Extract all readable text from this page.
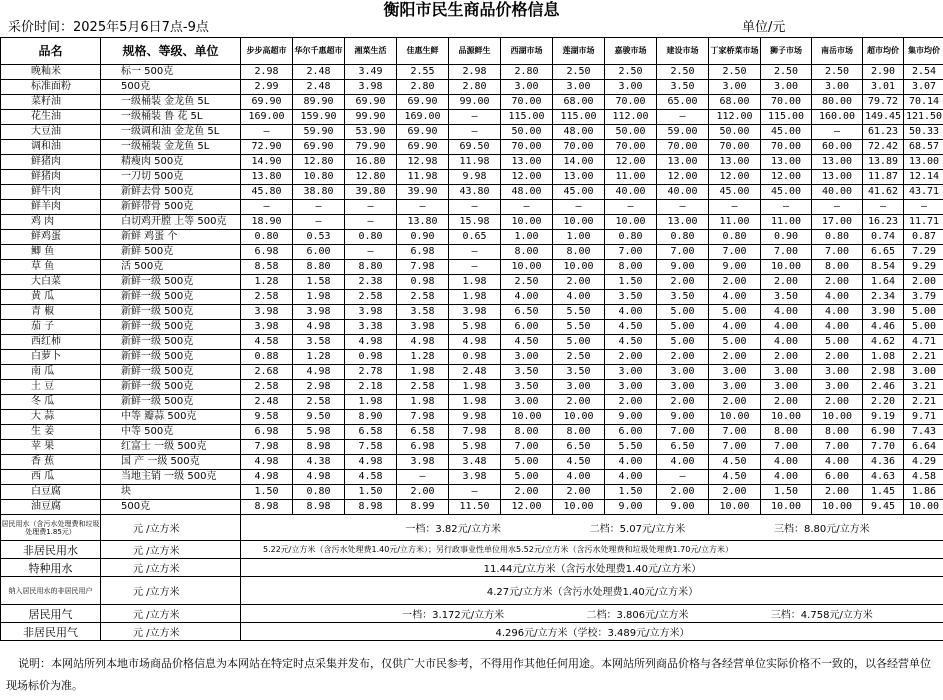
衡阳市民生商品价格信息
采价时间：2025年5月6日7点-9点	单位/元
品名	规格、等级、单位	步步高超市	华尔千惠超市	湘菜生活	佳惠生鲜	品源鲜生	西湖市场	莲湖市场	嘉骏市场	建设市场	丁家桥菜市场	狮子市场	南岳市场	超市均价	集市均价
晚籼米	标一 500克	2.98	2.48	3.49	2.55	2.98	2.80	2.50	2.50	2.50	2.50	2.50	2.50	2.90	2.54
标准面粉	500克	2.99	2.48	3.98	2.80	2.80	3.00	3.00	3.00	3.50	3.00	3.00	3.00	3.01	3.07
菜籽油	一级桶装 金龙鱼 5L	69.90	89.90	69.90	69.90	99.00	70.00	68.00	70.00	65.00	68.00	70.00	80.00	79.72	70.14
花生油	一级桶装 鲁 花 5L	169.00	159.90	99.90	169.00	—	115.00	115.00	112.00	—	112.00	115.00	160.00	149.45	121.50
大豆油	一级调和油 金龙鱼 5L	—	59.90	53.90	69.90	—	50.00	48.00	50.00	59.00	50.00	45.00	—	61.23	50.33
调和油	一级桶装 金龙鱼 5L	72.90	69.90	79.90	69.90	69.50	70.00	70.00	70.00	70.00	70.00	70.00	60.00	72.42	68.57
鲜猪肉	精瘦肉 500克	14.90	12.80	16.80	12.98	11.98	13.00	14.00	12.00	13.00	13.00	13.00	13.00	13.89	13.00
鲜猪肉	一刀切 500克	13.80	10.80	12.80	11.98	9.98	12.00	13.00	11.00	12.00	12.00	12.00	13.00	11.87	12.14
鲜牛肉	新鲜去骨 500克	45.80	38.80	39.80	39.90	43.80	48.00	45.00	40.00	40.00	45.00	45.00	40.00	41.62	43.71
鲜羊肉	新鲜带骨 500克	—	—	—	—	—	—	—	—	—	—	—	—	—	—
鸡 肉	白切鸡开膛 上等 500克	18.90	—	—	13.80	15.98	10.00	10.00	10.00	13.00	11.00	11.00	17.00	16.23	11.71
鲜鸡蛋	新鲜 鸡蛋 个	0.80	0.53	0.80	0.90	0.65	1.00	1.00	0.80	0.80	0.80	0.90	0.80	0.74	0.87
鲫 鱼	新鲜 500克	6.98	6.00	—	6.98	—	8.00	8.00	7.00	7.00	7.00	7.00	7.00	6.65	7.29
草 鱼	活 500克	8.58	8.80	8.80	7.98	—	10.00	10.00	8.00	9.00	9.00	10.00	8.00	8.54	9.29
大白菜	新鲜一级 500克	1.28	1.58	2.38	0.98	1.98	2.50	2.00	1.50	2.00	2.00	2.00	2.00	1.64	2.00
黄 瓜	新鲜一级 500克	2.58	1.98	2.58	2.58	1.98	4.00	4.00	3.50	3.50	4.00	3.50	4.00	2.34	3.79
青 椒	新鲜一级 500克	3.98	3.98	3.98	3.58	3.98	6.50	5.50	4.00	5.00	5.00	4.00	4.00	3.90	5.00
茄 子	新鲜一级 500克	3.98	4.98	3.38	3.98	5.98	6.00	5.50	4.50	5.00	4.00	4.00	4.00	4.46	5.00
西红柿	新鲜一级 500克	4.58	3.58	4.98	4.98	4.98	4.50	5.00	4.50	5.00	5.00	4.00	5.00	4.62	4.71
白萝卜	新鲜一级 500克	0.88	1.28	0.98	1.28	0.98	3.00	2.50	2.00	2.00	2.00	2.00	2.00	1.08	2.21
南 瓜	新鲜一级 500克	2.68	4.98	2.78	1.98	2.48	3.50	3.50	3.00	3.00	3.00	3.00	3.00	2.98	3.00
土 豆	新鲜一级 500克	2.58	2.98	2.18	2.58	1.98	3.50	3.00	3.00	3.00	3.00	3.00	3.00	2.46	3.21
冬 瓜	新鲜一级 500克	2.48	2.58	1.98	1.98	1.98	3.00	2.00	2.00	2.00	2.00	2.00	2.00	2.20	2.21
大 蒜	中等 瓣蒜 500克	9.58	9.50	8.90	7.98	9.98	10.00	10.00	9.00	9.00	10.00	10.00	10.00	9.19	9.71
生 姜	中等 500克	6.98	5.98	6.58	6.58	7.98	8.00	8.00	6.00	7.00	7.00	8.00	8.00	6.90	7.43
苹 果	红富士 一级 500克	7.98	8.98	7.58	6.98	5.98	7.00	6.50	5.50	6.50	7.00	7.00	7.00	7.70	6.64
香 蕉	国 产 一级 500克	4.98	4.38	4.98	3.98	3.48	5.00	4.50	4.00	4.00	4.50	4.00	4.00	4.36	4.29
西 瓜	当地主销 一级 500克	4.98	4.98	4.58	—	3.98	5.00	4.00	4.00	—	4.50	4.00	6.00	4.63	4.58
白豆腐	块	1.50	0.80	1.50	2.00	—	2.00	2.00	1.50	2.00	2.00	1.50	2.00	1.45	1.86
油豆腐	500克	8.98	8.98	8.98	8.99	11.50	12.00	10.00	9.00	9.00	10.00	10.00	10.00	9.45	10.00
居民用水（含污水处理费和垃圾处理费1.85元）	元 /立方米	一档：3.82元/立方米 二档：5.07元/立方米 三档：8.80元/立方米													

非居民用水	元 /立方米	5.22元/立方米（含污水处理费1.40元/立方米）；另行政事业性单位用水5.52元/立方米（含污水处理费和垃圾处理费1.70元/立方米）													
特种用水	元 /立方米	11.44元/立方米（含污水处理费1.40元/立方米）													
纳入居民用水的非居民用户	元 /立方米	4.27元/立方米（含污水处理费1.40元/立方米）													
居民用气	元 /立方米	一档：3.172元/立方米 二档：3.806元/立方米 三档：4.758元/立方米													

非居民用气	元 /立方米	4.296元/立方米（学校：3.489元/立方米）													
说明：本网站所列本地市场商品价格信息为本网站在特定时点采集并发布，仅供广大市民参考，不得用作其他任何用途。本网站所列商品价格与各经营单位实际价格不一致的，以各经营单位现场标价为准。
